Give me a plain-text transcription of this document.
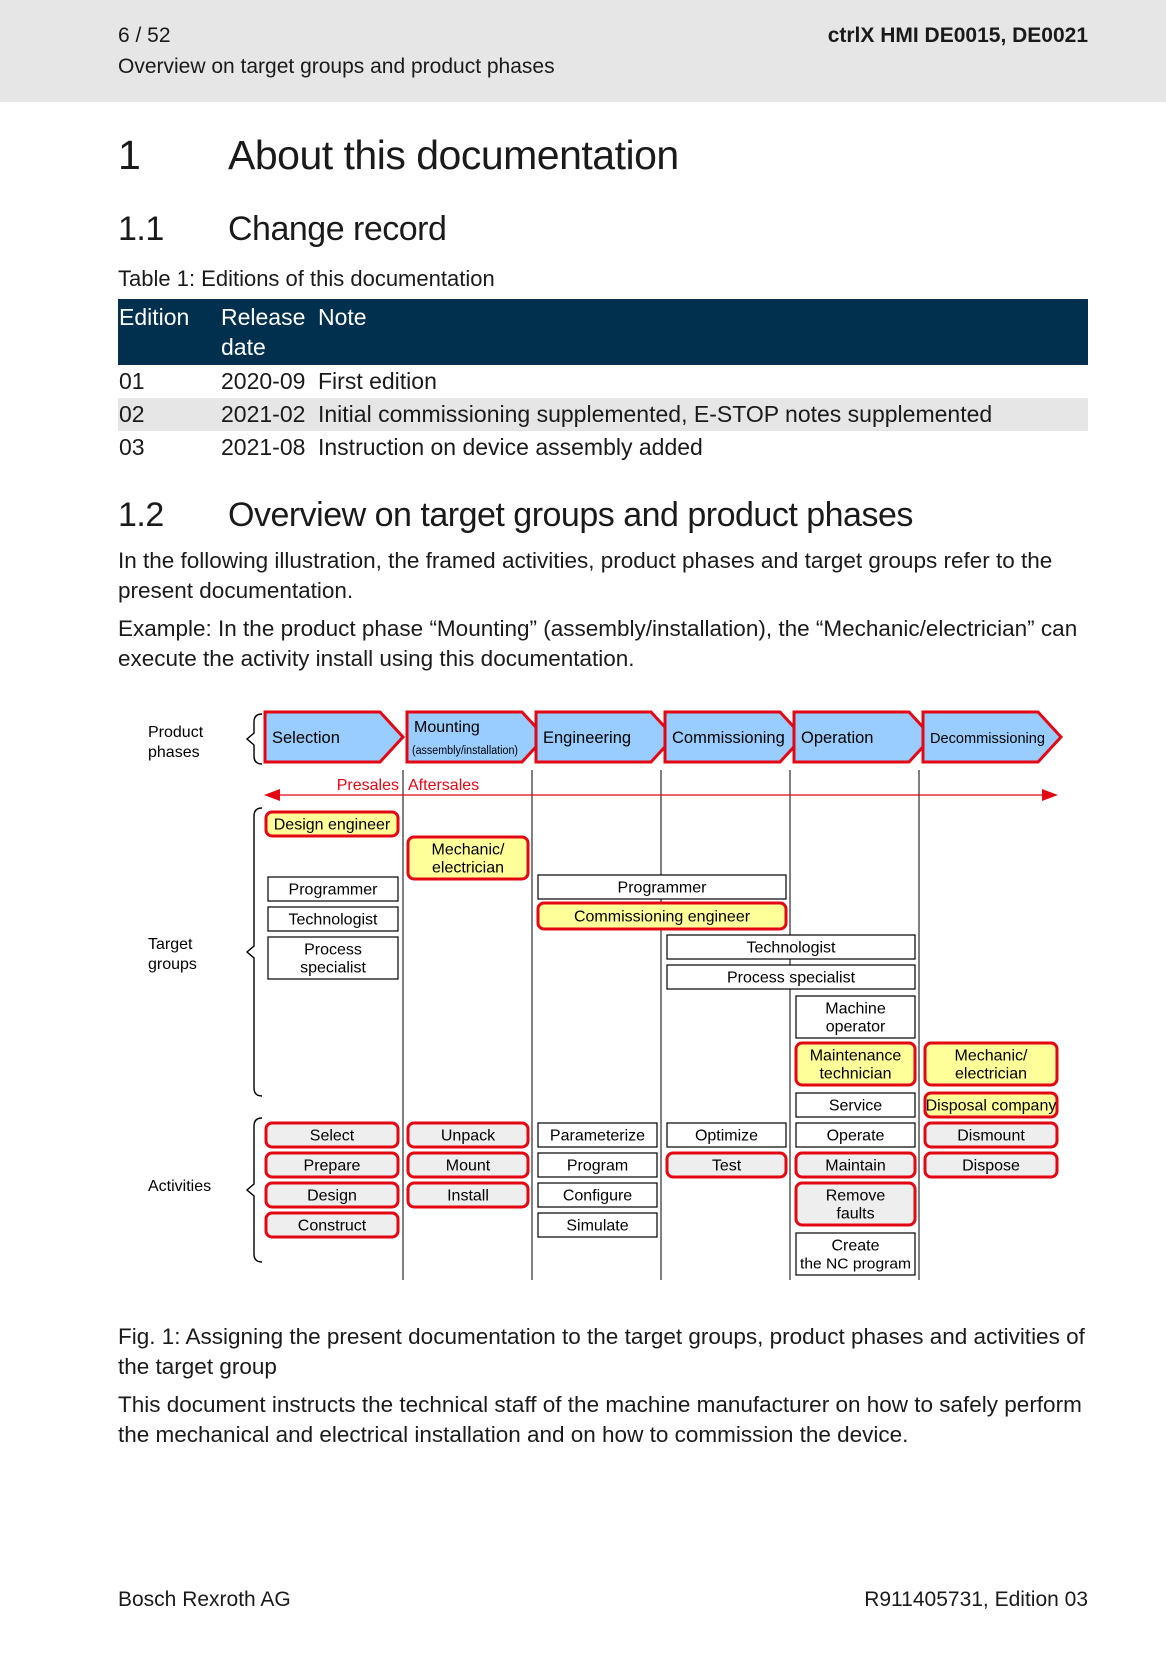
6 / 52
Overview on target groups and product phases
ctrlX HMI DE0015, DE0021
1 About this documentation
1.1 Change record
Table 1: Editions of this documentation
Edition	Release date	Note
01	2020-09	First edition
02	2021-02	Initial commissioning supplemented, E-STOP notes supplemented
03	2021-08	Instruction on device assembly added
1.2 Overview on target groups and product phases
In the following illustration, the framed activities, product phases and target groups refer to the present documentation.
Example: In the product phase “Mounting” (assembly/installation), the “Mechanic/electrician” can execute the activity install using this documentation.
Selection
Mounting
(assembly/installation)
Engineering Commissioning Operation	Decommissioning
Presales Aftersales
Product
phases
Target
groups
Activities
Design engineer
Mechanic/
electrician
Programmer
Technologist
Process
specialist
Programmer
Commissioning engineer
Technologist
Process specialist
Machine
operator
Maintenance
technician
Mechanic/
electrician
Service	Disposal company
Select
Prepare
Design
Construct
Unpack
Mount
Install
Parameterize
Program
Configure
Simulate
Optimize
Test
Operate
Maintain
Remove
faults
Create
the NC program
Dismount
Dispose
Fig. 1: Assigning the present documentation to the target groups, product phases and activities of the target group
This document instructs the technical staff of the machine manufacturer on how to safely perform the mechanical and electrical installation and on how to commission the device.
Bosch Rexroth AG	R911405731, Edition 03
